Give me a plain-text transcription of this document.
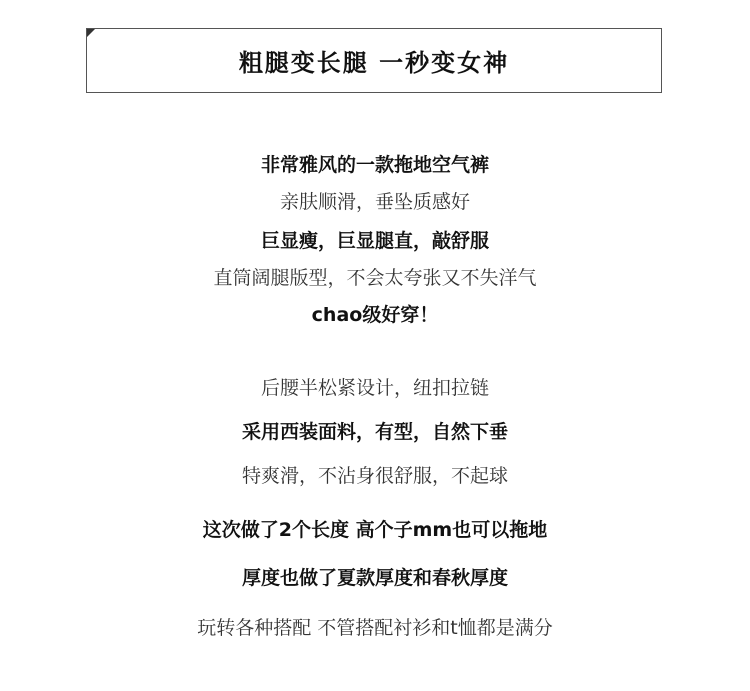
粗腿变长腿 一秒变女神
非常雅风的一款拖地空气裤
亲肤顺滑，垂坠质感好
巨显瘦，巨显腿直，敲舒服
直筒阔腿版型，不会太夸张又不失洋气
chao级好穿！
后腰半松紧设计，纽扣拉链
采用西装面料，有型，自然下垂
特爽滑，不沾身很舒服，不起球
这次做了2个长度 高个子mm也可以拖地
厚度也做了夏款厚度和春秋厚度
玩转各种搭配 不管搭配衬衫和t恤都是满分
